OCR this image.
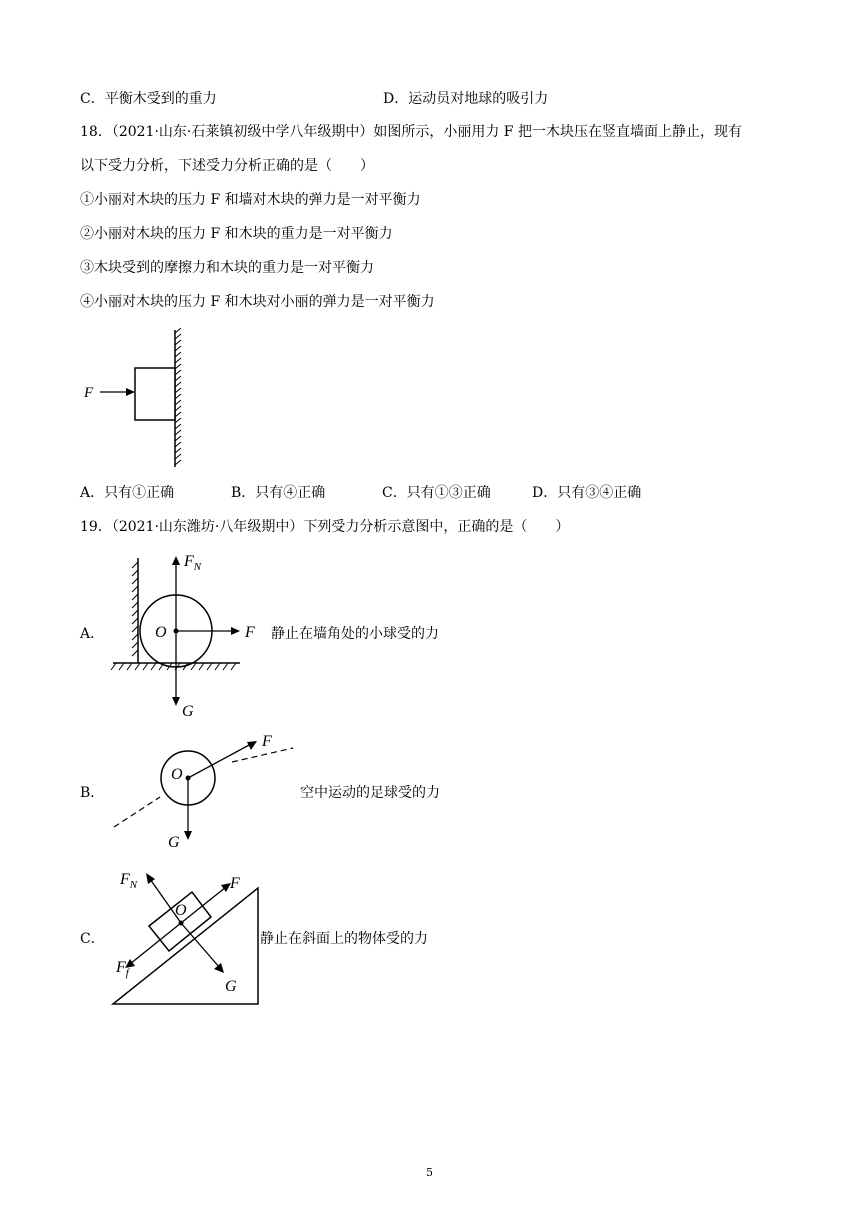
C．平衡木受到的重力	D．运动员对地球的吸引力
18．（2021·山东·石莱镇初级中学八年级期中）如图所示，小丽用力 F 把一木块压在竖直墙面上静止，现有
以下受力分析，下述受力分析正确的是（　　）
①小丽对木块的压力 F 和墙对木块的弹力是一对平衡力
②小丽对木块的压力 F 和木块的重力是一对平衡力
③木块受到的摩擦力和木块的重力是一对平衡力
④小丽对木块的压力 F 和木块对小丽的弹力是一对平衡力
F
A．只有①正确	B．只有④正确	C．只有①③正确	D．只有③④正确
19．（2021·山东潍坊·八年级期中）下列受力分析示意图中，正确的是（　　）
A．
$F_N$
O	F
G
静止在墙角处的小球受的力
B．
O
F
G
空中运动的足球受的力
C．
$F_N$
O
F
$F_f$
G
静止在斜面上的物体受的力
5
